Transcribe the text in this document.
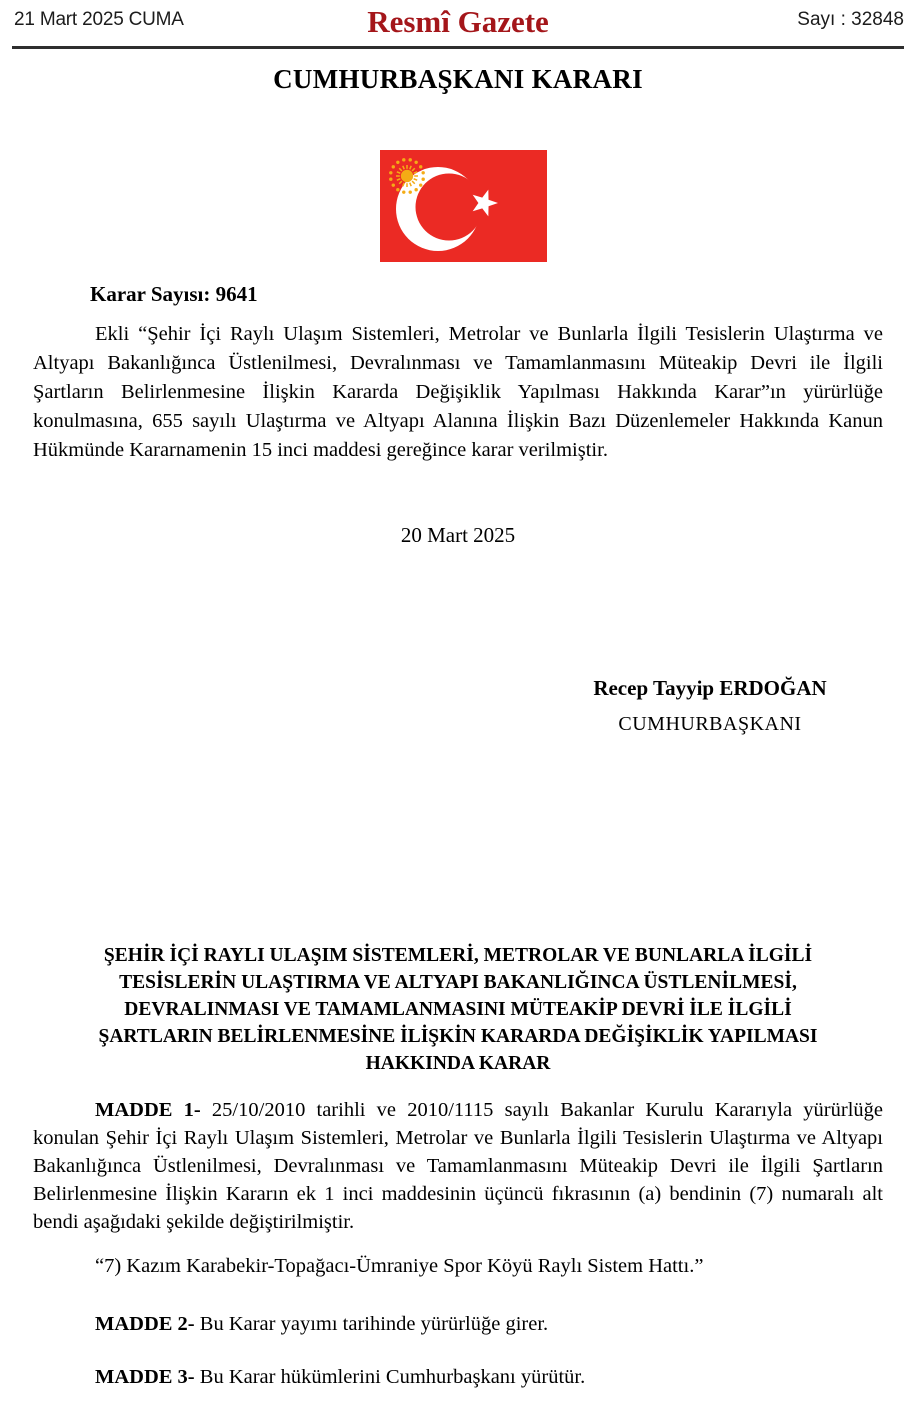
21 Mart 2025 CUMA	Resmî Gazete	Sayı : 32848
CUMHURBAŞKANI KARARI
Karar Sayısı: 9641
Ekli “Şehir İçi Raylı Ulaşım Sistemleri, Metrolar ve Bunlarla İlgili Tesislerin Ulaştırma ve Altyapı Bakanlığınca Üstlenilmesi, Devralınması ve Tamamlanmasını Müteakip Devri ile İlgili Şartların Belirlenmesine İlişkin Kararda Değişiklik Yapılması Hakkında Karar”ın yürürlüğe konulmasına, 655 sayılı Ulaştırma ve Altyapı Alanına İlişkin Bazı Düzenlemeler Hakkında Kanun Hükmünde Kararnamenin 15 inci maddesi gereğince karar verilmiştir.
20 Mart 2025
Recep Tayyip ERDOĞAN
CUMHURBAŞKANI
ŞEHİR İÇİ RAYLI ULAŞIM SİSTEMLERİ, METROLAR VE BUNLARLA İLGİLİ
TESİSLERİN ULAŞTIRMA VE ALTYAPI BAKANLIĞINCA ÜSTLENİLMESİ,
DEVRALINMASI VE TAMAMLANMASINI MÜTEAKİP DEVRİ İLE İLGİLİ
ŞARTLARIN BELİRLENMESİNE İLİŞKİN KARARDA DEĞİŞİKLİK YAPILMASI
HAKKINDA KARAR
MADDE 1- 25/10/2010 tarihli ve 2010/1115 sayılı Bakanlar Kurulu Kararıyla yürürlüğe konulan Şehir İçi Raylı Ulaşım Sistemleri, Metrolar ve Bunlarla İlgili Tesislerin Ulaştırma ve Altyapı Bakanlığınca Üstlenilmesi, Devralınması ve Tamamlanmasını Müteakip Devri ile İlgili Şartların Belirlenmesine İlişkin Kararın ek 1 inci maddesinin üçüncü fıkrasının (a) bendinin (7) numaralı alt bendi aşağıdaki şekilde değiştirilmiştir.
“7) Kazım Karabekir-Topağacı-Ümraniye Spor Köyü Raylı Sistem Hattı.”
MADDE 2- Bu Karar yayımı tarihinde yürürlüğe girer.
MADDE 3- Bu Karar hükümlerini Cumhurbaşkanı yürütür.
